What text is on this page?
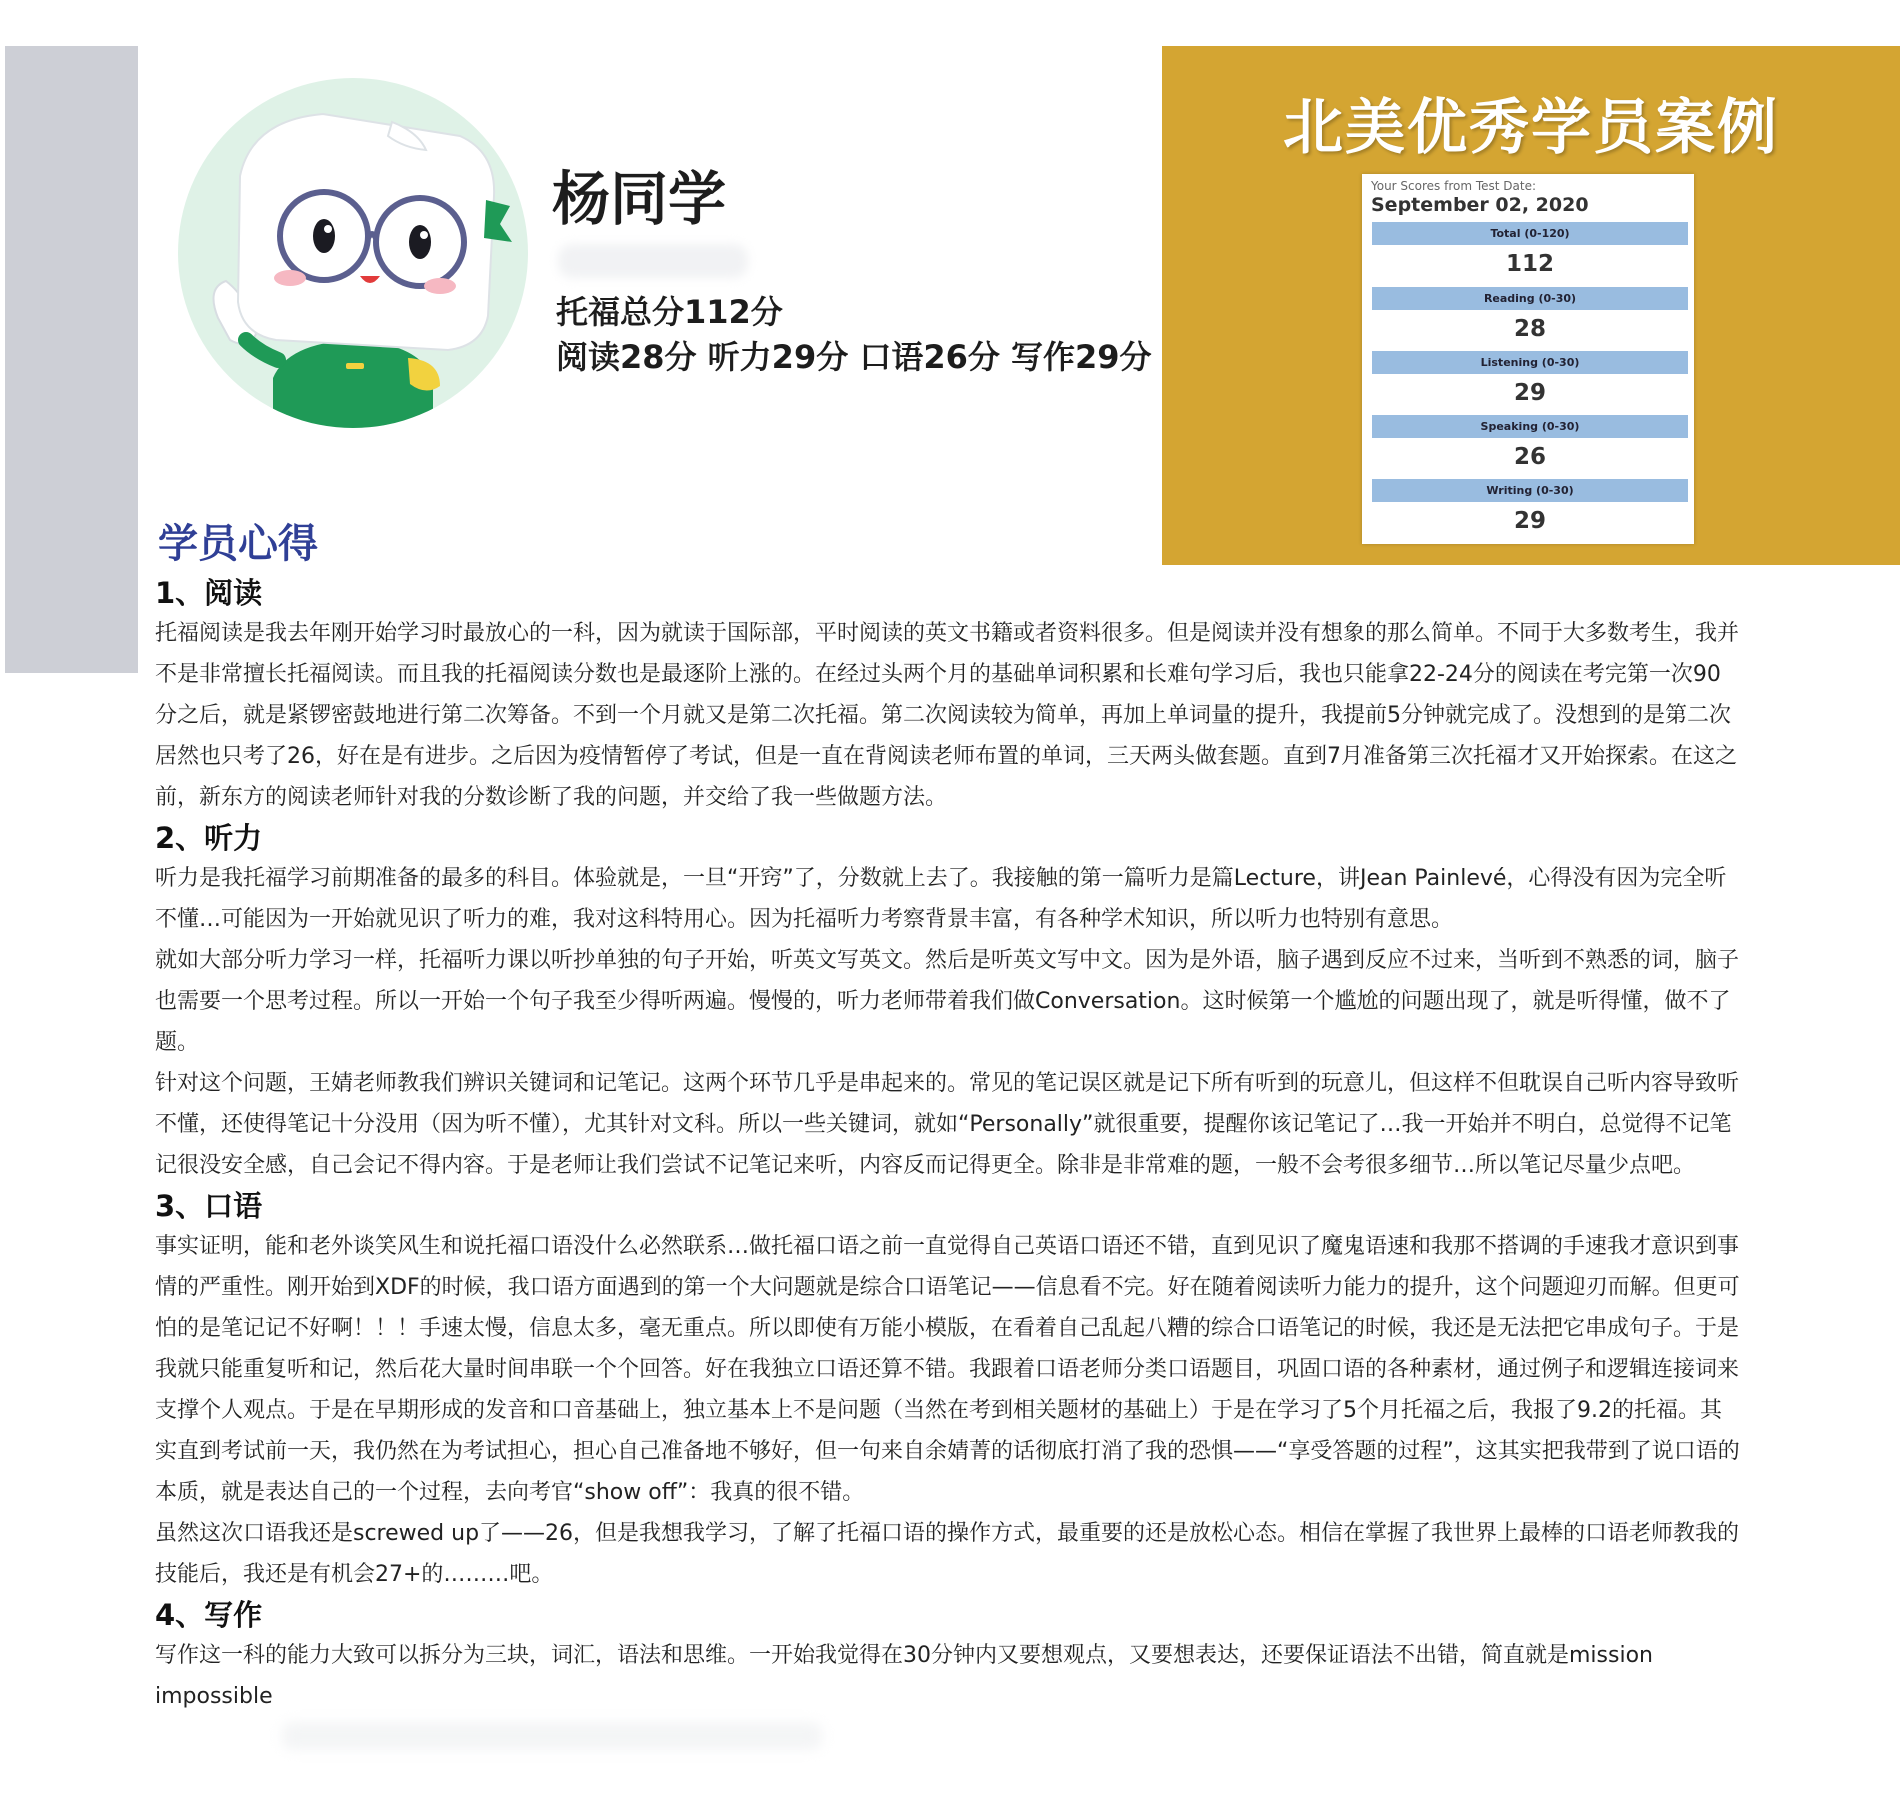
杨同学
托福总分112分
阅读28分 听力29分 口语26分 写作29分
北美优秀学员案例
Your Scores from Test Date:
September 02, 2020
Total (0-120)
112
Reading (0-30)
28
Listening (0-30)
29
Speaking (0-30)
26
Writing (0-30)
29
学员心得

1、阅读

托福阅读是我去年刚开始学习时最放心的一科，因为就读于国际部，平时阅读的英文书籍或者资料很多。但是阅读并没有想象的那么简单。不同于大多数考生，我并不是非常擅长托福阅读。而且我的托福阅读分数也是最逐阶上涨的。在经过头两个月的基础单词积累和长难句学习后，我也只能拿22-24分的阅读在考完第一次90分之后，就是紧锣密鼓地进行第二次筹备。不到一个月就又是第二次托福。第二次阅读较为简单，再加上单词量的提升，我提前5分钟就完成了。没想到的是第二次居然也只考了26，好在是有进步。之后因为疫情暂停了考试，但是一直在背阅读老师布置的单词，三天两头做套题。直到7月准备第三次托福才又开始探索。在这之前，新东方的阅读老师针对我的分数诊断了我的问题，并交给了我一些做题方法。

2、听力

听力是我托福学习前期准备的最多的科目。体验就是，一旦“开窍”了，分数就上去了。我接触的第一篇听力是篇Lecture，讲Jean Painlevé，心得没有因为完全听不懂…可能因为一开始就见识了听力的难，我对这科特用心。因为托福听力考察背景丰富，有各种学术知识，所以听力也特别有意思。

就如大部分听力学习一样，托福听力课以听抄单独的句子开始，听英文写英文。然后是听英文写中文。因为是外语，脑子遇到反应不过来，当听到不熟悉的词，脑子也需要一个思考过程。所以一开始一个句子我至少得听两遍。慢慢的，听力老师带着我们做Conversation。这时候第一个尴尬的问题出现了，就是听得懂，做不了题。

针对这个问题，王婧老师教我们辨识关键词和记笔记。这两个环节几乎是串起来的。常见的笔记误区就是记下所有听到的玩意儿，但这样不但耽误自己听内容导致听不懂，还使得笔记十分没用（因为听不懂），尤其针对文科。所以一些关键词，就如“Personally”就很重要，提醒你该记笔记了…我一开始并不明白，总觉得不记笔记很没安全感，自己会记不得内容。于是老师让我们尝试不记笔记来听，内容反而记得更全。除非是非常难的题，一般不会考很多细节…所以笔记尽量少点吧。

3、口语

事实证明，能和老外谈笑风生和说托福口语没什么必然联系…做托福口语之前一直觉得自己英语口语还不错，直到见识了魔鬼语速和我那不搭调的手速我才意识到事情的严重性。刚开始到XDF的时候，我口语方面遇到的第一个大问题就是综合口语笔记——信息看不完。好在随着阅读听力能力的提升，这个问题迎刃而解。但更可怕的是笔记记不好啊！！！手速太慢，信息太多，毫无重点。所以即使有万能小模版，在看着自己乱起八糟的综合口语笔记的时候，我还是无法把它串成句子。于是我就只能重复听和记，然后花大量时间串联一个个回答。好在我独立口语还算不错。我跟着口语老师分类口语题目，巩固口语的各种素材，通过例子和逻辑连接词来支撑个人观点。于是在早期形成的发音和口音基础上，独立基本上不是问题（当然在考到相关题材的基础上）于是在学习了5个月托福之后，我报了9.2的托福。其实直到考试前一天，我仍然在为考试担心，担心自己准备地不够好，但一句来自余婧菁的话彻底打消了我的恐惧——“享受答题的过程”，这其实把我带到了说口语的本质，就是表达自己的一个过程，去向考官“show off”：我真的很不错。

虽然这次口语我还是screwed up了——26，但是我想我学习，了解了托福口语的操作方式，最重要的还是放松心态。相信在掌握了我世界上最棒的口语老师教我的技能后，我还是有机会27+的………吧。

4、写作

写作这一科的能力大致可以拆分为三块，词汇，语法和思维。一开始我觉得在30分钟内又要想观点，又要想表达，还要保证语法不出错，简直就是mission impossible
